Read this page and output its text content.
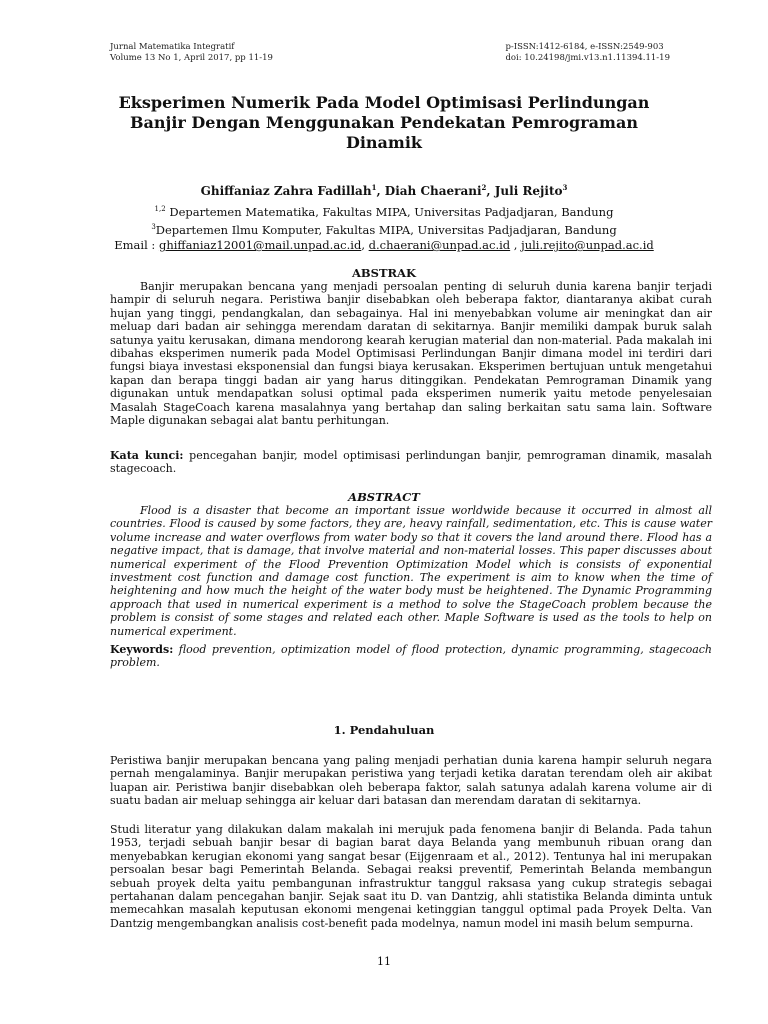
Jurnal Matematika Integratif
Volume 13 No 1, April 2017, pp 11-19
p-ISSN:1412-6184, e-ISSN:2549-903
doi: 10.24198/jmi.v13.n1.11394.11-19
Eksperimen Numerik Pada Model Optimisasi Perlindungan Banjir Dengan Menggunakan Pendekatan Pemrograman Dinamik
Ghiffaniaz Zahra Fadillah$^1$, Diah Chaerani$^2$, Juli Rejito$^3$
$^{1,2}$ Departemen Matematika, Fakultas MIPA, Universitas Padjadjaran, Bandung
$^3$Departemen Ilmu Komputer, Fakultas MIPA, Universitas Padjadjaran, Bandung
Email : ghiffaniaz12001@mail.unpad.ac.id, d.chaerani@unpad.ac.id , juli.rejito@unpad.ac.id
ABSTRAK
Banjir merupakan bencana yang menjadi persoalan penting di seluruh dunia karena banjir terjadi hampir di seluruh negara. Peristiwa banjir disebabkan oleh beberapa faktor, diantaranya akibat curah hujan yang tinggi, pendangkalan, dan sebagainya. Hal ini menyebabkan volume air meningkat dan air meluap dari badan air sehingga merendam daratan di sekitarnya. Banjir memiliki dampak buruk salah satunya yaitu kerusakan, dimana mendorong kearah kerugian material dan non-material. Pada makalah ini dibahas eksperimen numerik pada Model Optimisasi Perlindungan Banjir dimana model ini terdiri dari fungsi biaya investasi eksponensial dan fungsi biaya kerusakan. Eksperimen bertujuan untuk mengetahui kapan dan berapa tinggi badan air yang harus ditinggikan. Pendekatan Pemrograman Dinamik yang digunakan untuk mendapatkan solusi optimal pada eksperimen numerik yaitu metode penyelesaian Masalah StageCoach karena masalahnya yang bertahap dan saling berkaitan satu sama lain. Software Maple digunakan sebagai alat bantu perhitungan.
Kata kunci: pencegahan banjir, model optimisasi perlindungan banjir, pemrograman dinamik, masalah stagecoach.
ABSTRACT
Flood is a disaster that become an important issue worldwide because it occurred in almost all countries. Flood is caused by some factors, they are, heavy rainfall, sedimentation, etc. This is cause water volume increase and water overflows from water body so that it covers the land around there. Flood has a negative impact, that is damage, that involve material and non-material losses. This paper discusses about numerical experiment of the Flood Prevention Optimization Model which is consists of exponential investment cost function and damage cost function. The experiment is aim to know when the time of heightening and how much the height of the water body must be heightened. The Dynamic Programming approach that used in numerical experiment is a method to solve the StageCoach problem because the problem is consist of some stages and related each other. Maple Software is used as the tools to help on numerical experiment.
Keywords: flood prevention, optimization model of flood protection, dynamic programming, stagecoach problem.
1. Pendahuluan
Peristiwa banjir merupakan bencana yang paling menjadi perhatian dunia karena hampir seluruh negara pernah mengalaminya. Banjir merupakan peristiwa yang terjadi ketika daratan terendam oleh air akibat luapan air. Peristiwa banjir disebabkan oleh beberapa faktor, salah satunya adalah karena volume air di suatu badan air meluap sehingga air keluar dari batasan dan merendam daratan di sekitarnya.
Studi literatur yang dilakukan dalam makalah ini merujuk pada fenomena banjir di Belanda. Pada tahun 1953, terjadi sebuah banjir besar di bagian barat daya Belanda yang membunuh ribuan orang dan menyebabkan kerugian ekonomi yang sangat besar (Eijgenraam et al., 2012). Tentunya hal ini merupakan persoalan besar bagi Pemerintah Belanda. Sebagai reaksi preventif, Pemerintah Belanda membangun sebuah proyek delta yaitu pembangunan infrastruktur tanggul raksasa yang cukup strategis sebagai pertahanan dalam pencegahan banjir. Sejak saat itu D. van Dantzig, ahli statistika Belanda diminta untuk memecahkan masalah keputusan ekonomi mengenai ketinggian tanggul optimal pada Proyek Delta. Van Dantzig mengembangkan analisis cost-benefit pada modelnya, namun model ini masih belum sempurna.
11
